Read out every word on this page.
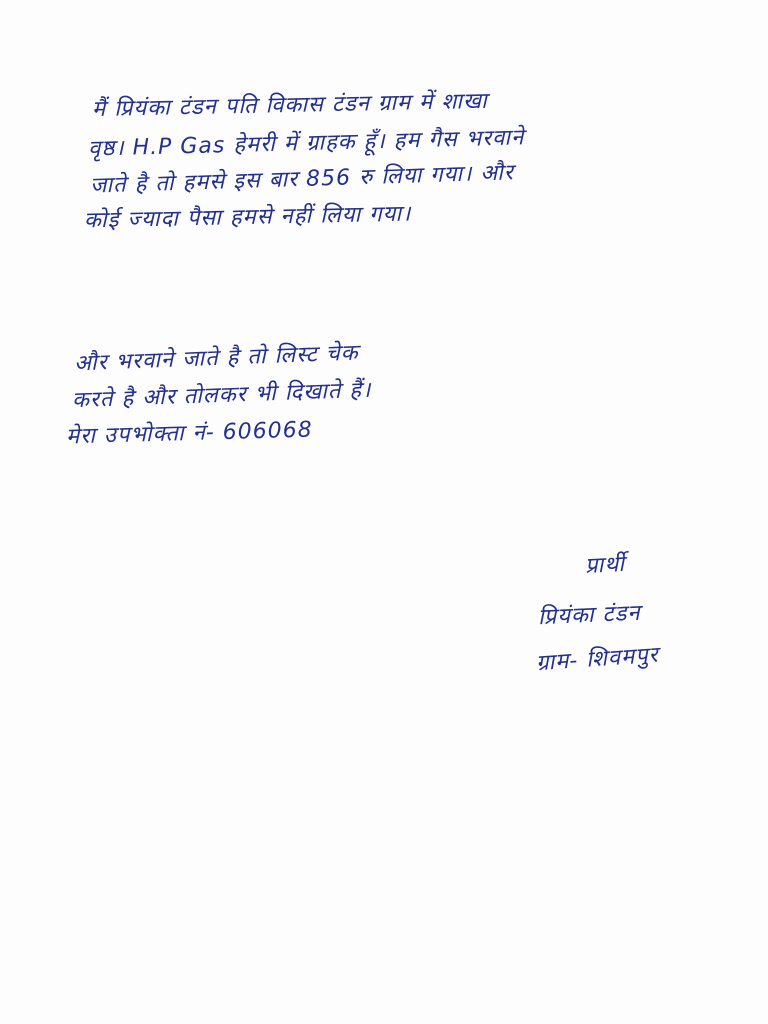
मैं प्रियंका टंडन पति विकास टंडन ग्राम में शाखा
वृष्ठ। H.P Gas हेमरी में ग्राहक हूँ। हम गैस भरवाने
जाते है तो हमसे इस बार 856 रु लिया गया। और
कोई ज्यादा पैसा हमसे नहीं लिया गया।
और भरवाने जाते है तो लिस्ट चेक
करते है और तोलकर भी दिखाते हैं।
मेरा उपभोक्ता नं- 606068
प्रार्थी
प्रियंका टंडन
ग्राम- शिवमपुर
